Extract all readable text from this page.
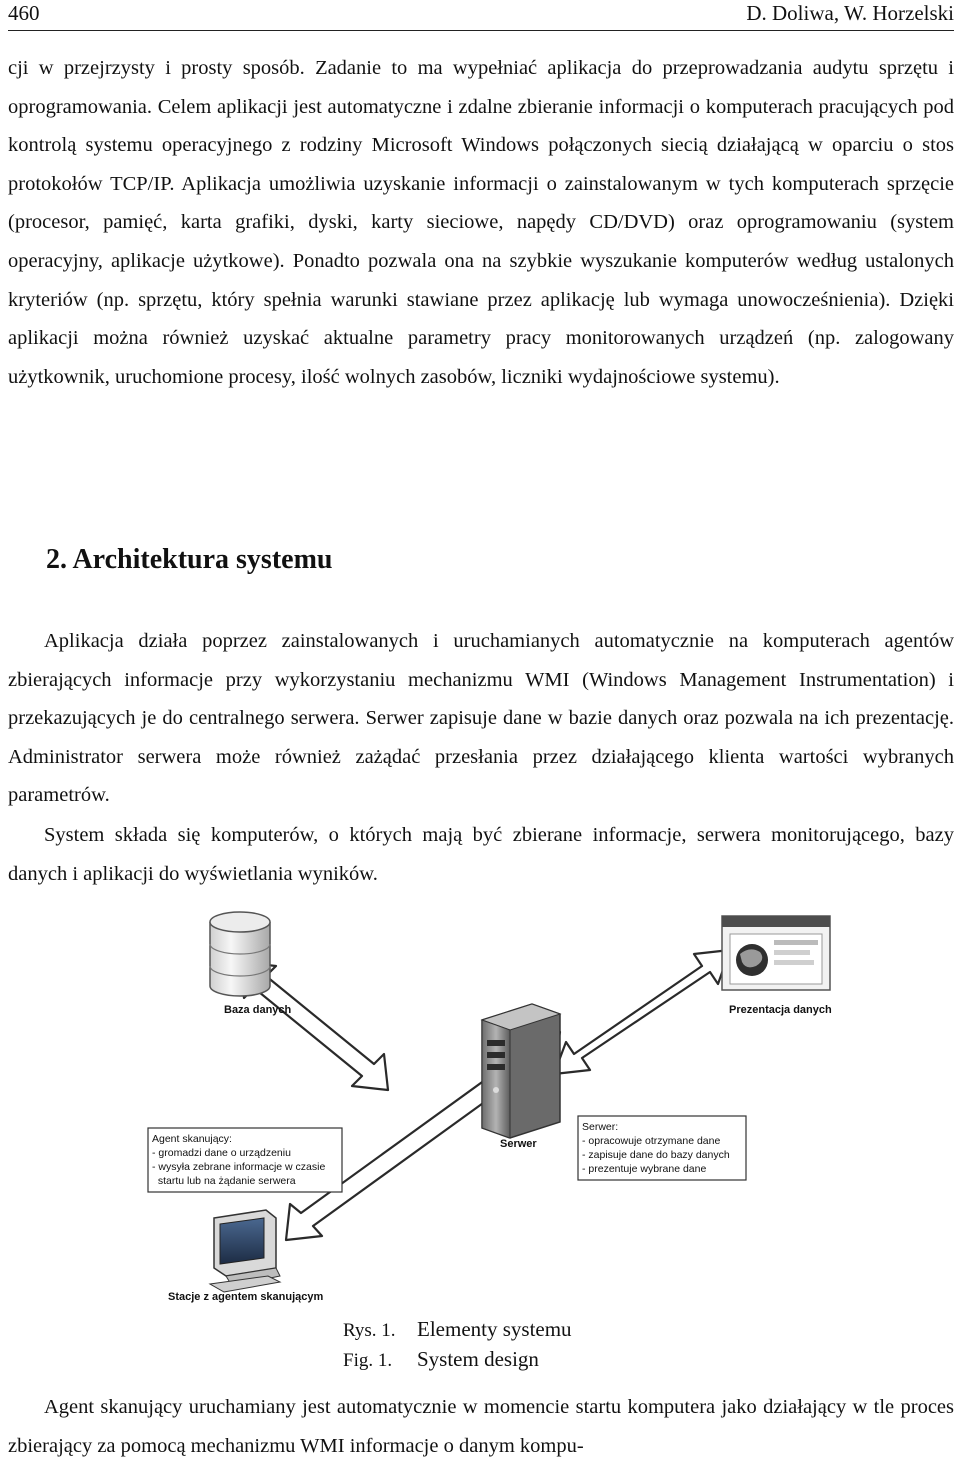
460	D. Doliwa, W. Horzelski

cji w przejrzysty i prosty sposób. Zadanie to ma wypełniać aplikacja do przeprowadzania audytu sprzętu i oprogramowania. Celem aplikacji jest automatyczne i zdalne zbieranie informacji o komputerach pracujących pod kontrolą systemu operacyjnego z rodziny Microsoft Windows połączonych siecią działającą w oparciu o stos protokołów TCP/IP. Aplikacja umożliwia uzyskanie informacji o zainstalowanym w tych komputerach sprzęcie (procesor, pamięć, karta grafiki, dyski, karty sieciowe, napędy CD/DVD) oraz oprogramowaniu (system operacyjny, aplikacje użytkowe). Ponadto pozwala ona na szybkie wyszukanie komputerów według ustalonych kryteriów (np. sprzętu, który spełnia warunki stawiane przez aplikację lub wymaga unowocześnienia). Dzięki aplikacji można również uzyskać aktualne parametry pracy monitorowanych urządzeń (np. zalogowany użytkownik, uruchomione procesy, ilość wolnych zasobów, liczniki wydajnościowe systemu).

2. Architektura systemu

Aplikacja działa poprzez zainstalowanych i uruchamianych automatycznie na komputerach agentów zbierających informacje przy wykorzystaniu mechanizmu WMI (Windows Management Instrumentation) i przekazujących je do centralnego serwera. Serwer zapisuje dane w bazie danych oraz pozwala na ich prezentację. Administrator serwera może również zażądać przesłania przez działającego klienta wartości wybranych parametrów.

System składa się komputerów, o których mają być zbierane informacje, serwera monitorującego, bazy danych i aplikacji do wyświetlania wyników.

Baza danych	Prezentacja danych
Serwer
Agent skanujący:
- gromadzi dane o urządzeniu
- wysyła zebrane informacje w czasie
startu lub na żądanie serwera
Serwer:
- opracowuje otrzymane dane
- zapisuje dane do bazy danych
- prezentuje wybrane dane
Stacje z agentem skanującym
Rys. 1. Elementy systemu
Fig. 1. System design

Agent skanujący uruchamiany jest automatycznie w momencie startu komputera jako działający w tle proces zbierający za pomocą mechanizmu WMI informacje o danym kompu-
